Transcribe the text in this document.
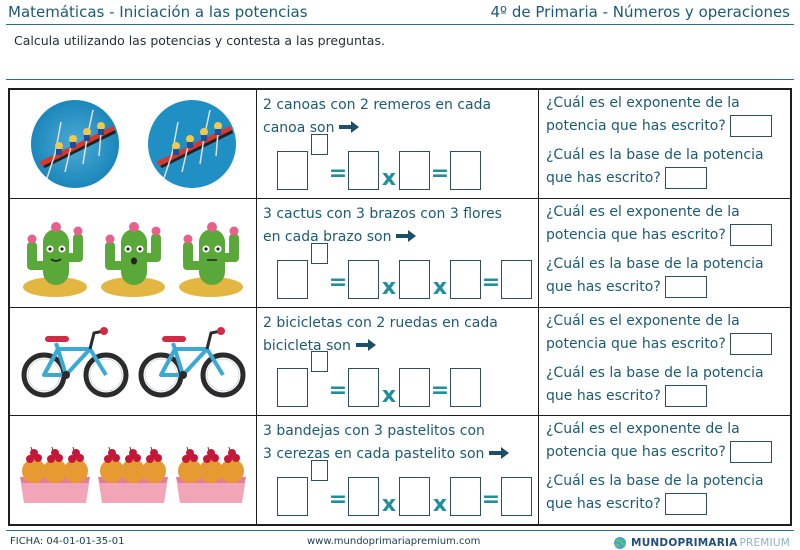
Matemáticas - Iniciación a las potencias	4º de Primaria - Números y operaciones
Calcula utilizando las potencias y contesta a las preguntas.
2 canoas con 2 remeros en cada
canoa son
= x =
¿Cuál es el exponente de la
potencia que has escrito?
¿Cuál es la base de la potencia
que has escrito?
3 cactus con 3 brazos con 3 flores
en cada brazo son
= x x =
¿Cuál es el exponente de la
potencia que has escrito?
¿Cuál es la base de la potencia
que has escrito?
2 bicicletas con 2 ruedas en cada
bicicleta son
= x =
¿Cuál es el exponente de la
potencia que has escrito?
¿Cuál es la base de la potencia
que has escrito?
3 bandejas con 3 pastelitos con
3 cerezas en cada pastelito son
= x x =
¿Cuál es el exponente de la
potencia que has escrito?
¿Cuál es la base de la potencia
que has escrito?
FICHA: 04-01-01-35-01	www.mundoprimariapremium.com	MUNDOPRIMARIA PREMIUM
